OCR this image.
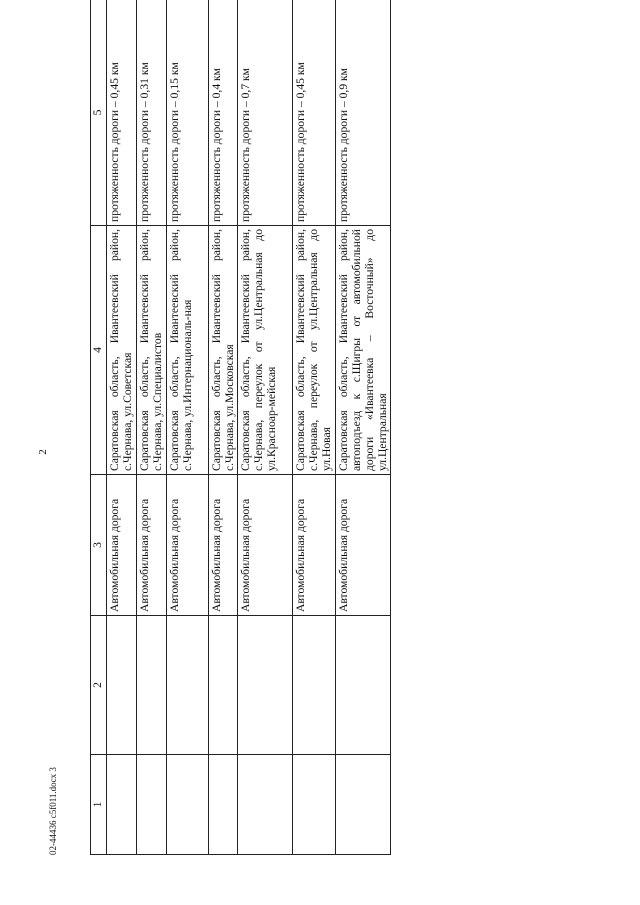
2
1	2	3	4	5
		Автомобильная дорога	Саратовская область, Ивантеевский район, с.Чернава, ул.Советская	протяженность дороги – 0,45 км
		Автомобильная дорога	Саратовская область, Ивантеевский район, с.Чернава, ул.Специалистов	протяженность дороги – 0,31 км
		Автомобильная дорога	Саратовская область, Ивантеевский район, с.Чернава, ул.Интернациональ-ная	протяженность дороги – 0,15 км
		Автомобильная дорога	Саратовская область, Ивантеевский район, с.Чернава, ул.Московская	протяженность дороги – 0,4 км
		Автомобильная дорога	Саратовская область, Ивантеевский район, с.Чернава, переулок от ул.Центральная до ул.Краснoар-мейская	протяженность дороги – 0,7 км
		Автомобильная дорога	Саратовская область, Ивантеевский район, с.Чернава, переулок от ул.Центральная до ул.Новая	протяженность дороги – 0,45 км
		Автомобильная дорога	Саратовская область, Ивантеевский район, автоподъезд к с.Щигры от автомобильной дороги «Ивантеевка – Восточный» до ул.Центральная	протяженность дороги – 0,9 км
02-44436 c5f011.docx 3
